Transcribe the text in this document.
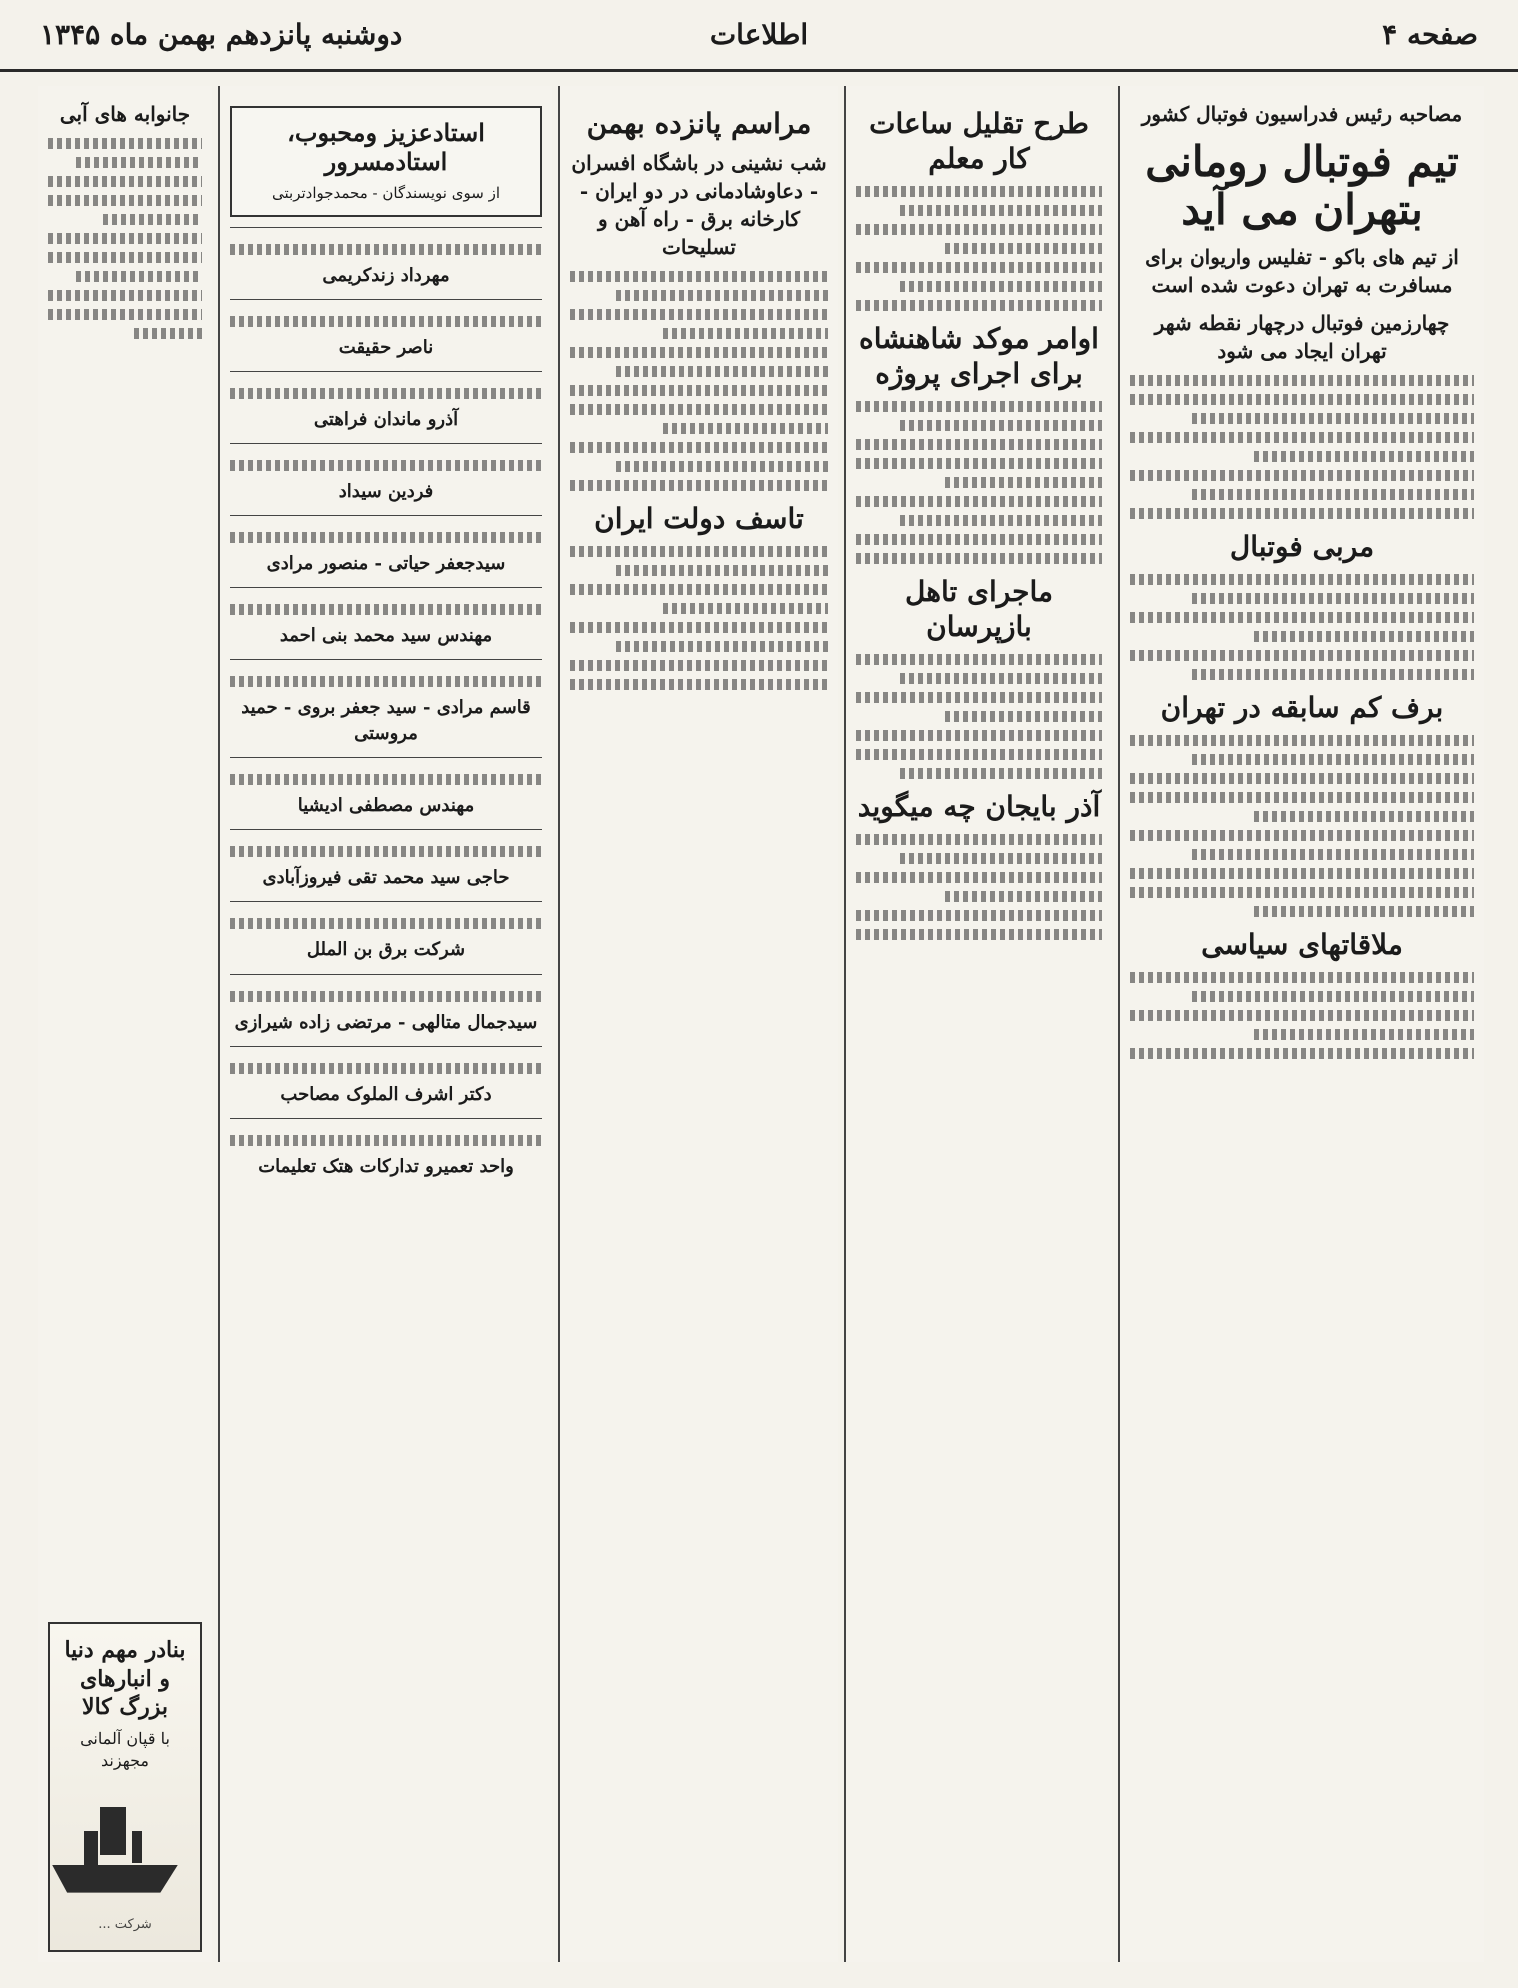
صفحه ۴
اطلاعات
دوشنبه پانزدهم بهمن ماه ۱۳۴۵
مصاحبه رئیس فدراسیون فوتبال کشور
تیم فوتبال رومانی بتهران می آید
از تیم های باکو - تفلیس واریوان برای مسافرت به تهران دعوت شده است
چهارزمین فوتبال درچهار نقطه شهر تهران ایجاد می شود
مربی فوتبال
برف کم سابقه در تهران
ملاقاتهای سیاسی
طرح تقلیل ساعات کار معلم
اوامر موکد شاهنشاه برای اجرای پروژه
ماجرای تاهل بازپرسان
آذر بایجان چه میگوید
مراسم پانزده بهمن
شب نشینی در باشگاه افسران - دعاوشادمانی در دو ایران - کارخانه برق - راه آهن و تسلیحات
تاسف دولت ایران
استادعزیز ومحبوب، استادمسرور
از سوی نویسندگان - محمدجوادتربتی
مهرداد زندکریمی
ناصر حقیقت
آذرو ماندان فراهتی
فردین سیداد
سیدجعفر حیاتی - منصور مرادی
مهندس سید محمد بنی احمد
قاسم مرادی - سید جعفر بروی - حمید مروستی
مهندس مصطفی ادیشیا
حاجی سید محمد تقی فیروزآبادی
شرکت برق بن الملل
سیدجمال متالهی - مرتضی زاده شیرازی
دکتر اشرف الملوک مصاحب
واحد تعمیرو تدارکات هتک تعلیمات
جانوابه های آبی
بنادر مهم دنیا و انبارهای بزرگ کالا
با قپان آلمانی مجهزند
شرکت ...
